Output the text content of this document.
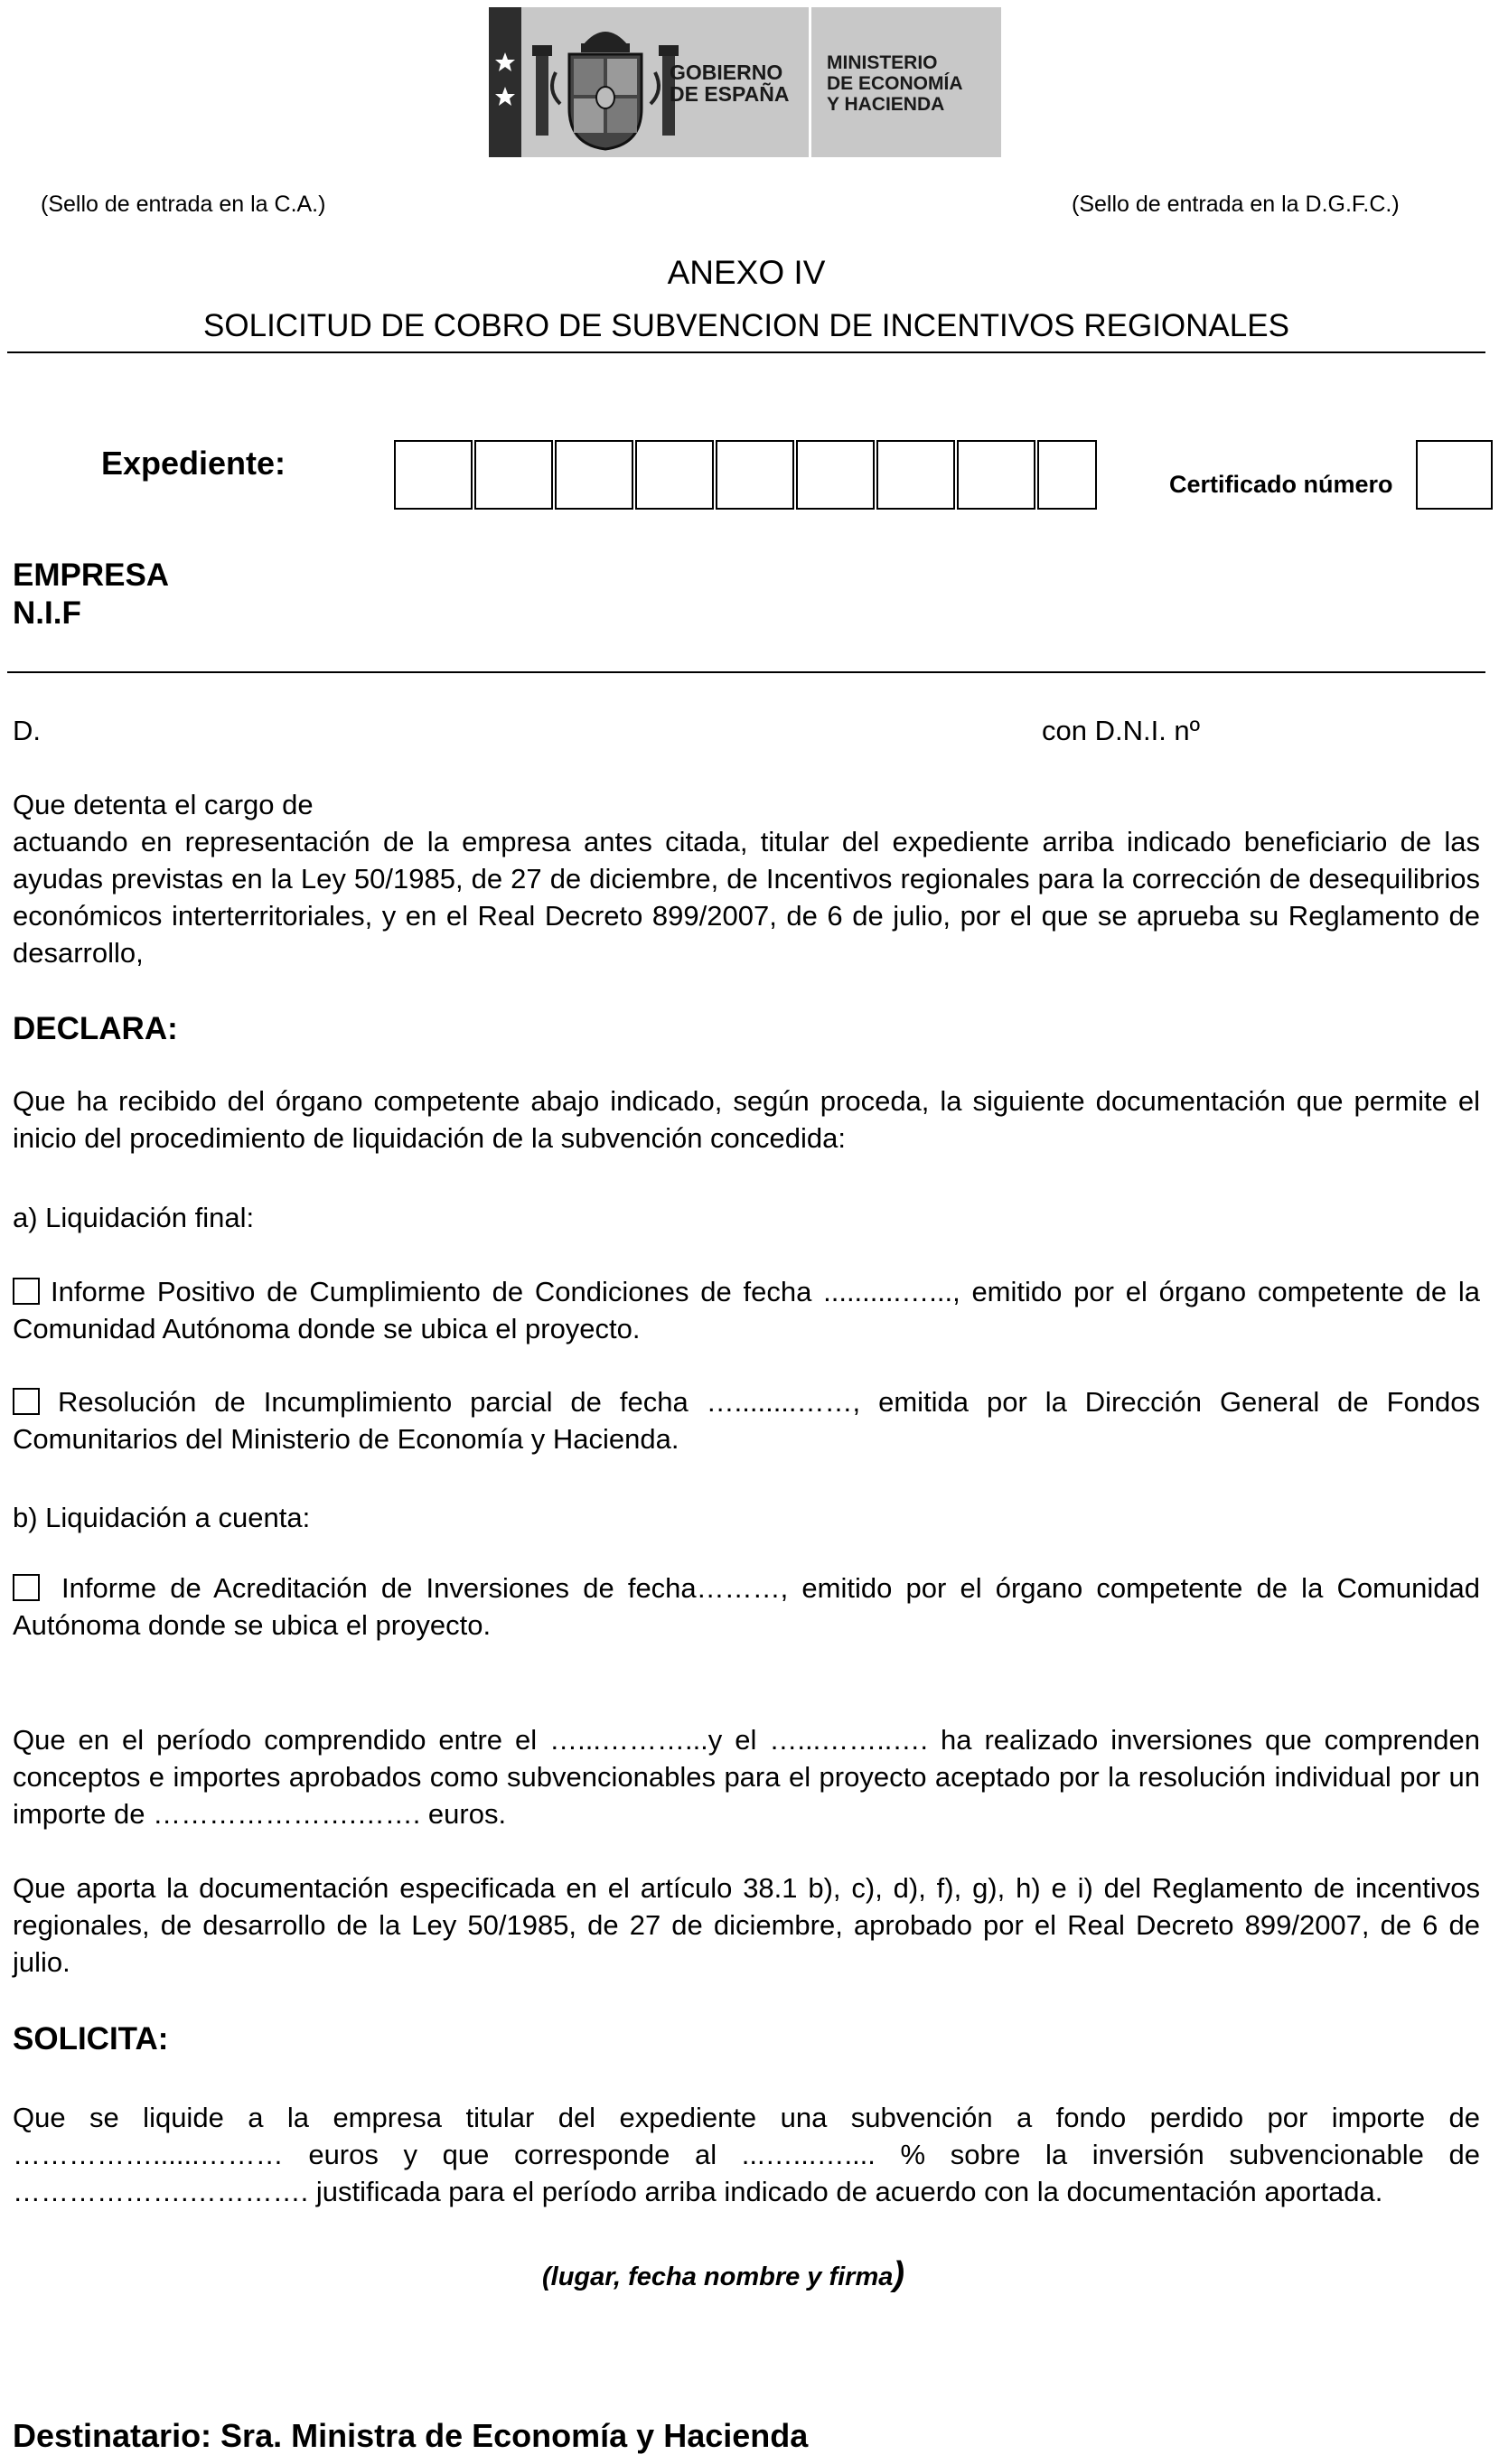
GOBIERNO
DE ESPAÑA
MINISTERIO
DE ECONOMÍA
Y HACIENDA
(Sello de entrada en la C.A.)	(Sello de entrada en la D.G.F.C.)
ANEXO IV
SOLICITUD DE COBRO DE SUBVENCION DE INCENTIVOS REGIONALES
Expediente:
Certificado número
EMPRESA
N.I.F
D.	con D.N.I. nº
Que detenta el cargo de
actuando en representación de la empresa antes citada, titular del expediente arriba indicado beneficiario de las ayudas previstas en la Ley 50/1985, de 27 de diciembre, de Incentivos regionales para la corrección de desequilibrios económicos interterritoriales, y en el Real Decreto 899/2007, de 6 de julio, por el que se aprueba su Reglamento de desarrollo,
DECLARA:
Que ha recibido del órgano competente abajo indicado, según proceda, la siguiente documentación que permite el inicio del procedimiento de liquidación de la subvención concedida:
a) Liquidación final:
Informe Positivo de Cumplimiento de Condiciones de fecha ..........…..., emitido por el órgano competente de la Comunidad Autónoma donde se ubica el proyecto.
Resolución de Incumplimiento parcial de fecha …........……, emitida por la Dirección General de Fondos Comunitarios del Ministerio de Economía y Hacienda.
b) Liquidación a cuenta:
Informe de Acreditación de Inversiones de fecha………, emitido por el órgano competente de la Comunidad Autónoma donde se ubica el proyecto.
Que en el período comprendido entre el …...………...y el …...……..…. ha realizado inversiones que comprenden conceptos e importes aprobados como subvencionables para el proyecto aceptado por la resolución individual por un importe de ………………….……. euros.
Que aporta la documentación especificada en el artículo 38.1 b), c), d), f), g), h) e i) del Reglamento de incentivos regionales, de desarrollo de la Ley 50/1985, de 27 de diciembre, aprobado por el Real Decreto 899/2007, de 6 de julio.
SOLICITA:
Que se liquide a la empresa titular del expediente una subvención a fondo perdido por importe de ……………......……… euros y que corresponde al ...…...….... % sobre la inversión subvencionable de ……………….…………. justificada para el período arriba indicado de acuerdo con la documentación aportada.
(lugar, fecha nombre y firma)
Destinatario: Sra. Ministra de Economía y Hacienda
